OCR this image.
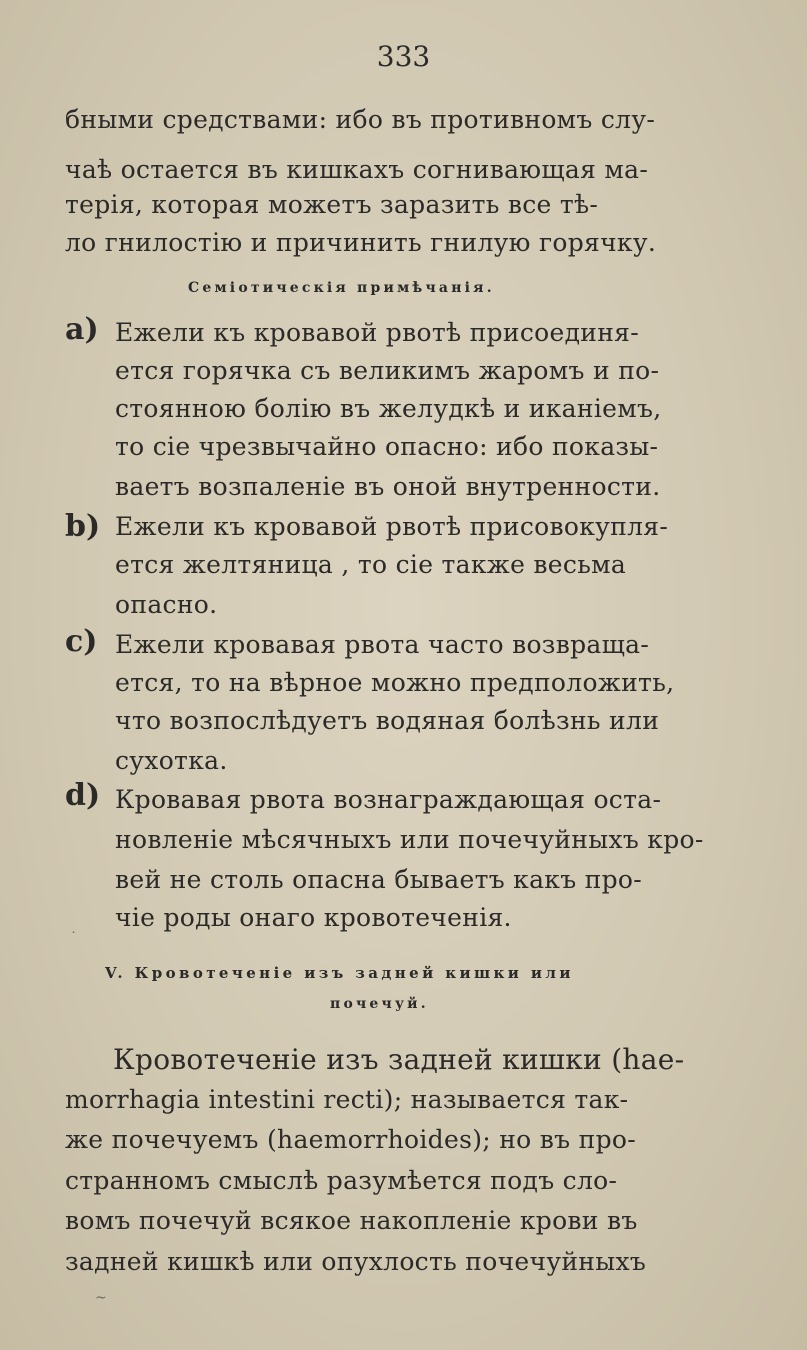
333
бными средствами: ибо въ противномъ слу-
чаѣ остается въ кишкахъ согнивающая ма-
терія, которая можетъ заразить все тѣ-
ло гнилостію и причинить гнилую горячку.
Семіотическія примѣчанія.
a) Ежели къ кровавой рвотѣ присоединя-
ется горячка съ великимъ жаромъ и по-
стоянною болію въ желудкѣ и иканіемъ,
то сіе чрезвычайно опасно: ибо показы-
ваетъ возпаленіе въ оной внутренности.
b) Ежели къ кровавой рвотѣ присовокупля-
ется желтяница , то сіе также весьма
опасно.
c) Ежели кровавая рвота часто возвраща-
ется, то на вѣрное можно предположить,
что возпослѣдуетъ водяная болѣзнь или
сухотка.
d) Кровавая рвота вознаграждающая оста-
новленіе мѣсячныхъ или почечуйныхъ кро-
вей не столь опасна бываетъ какъ про-
чіе роды онаго кровотеченія.
˙
V. Кровотеченіе изъ задней кишки или
почечуй.
Кровотеченіе изъ задней кишки (haе-
morrhagia intestini recti); называется так-
же почечуемъ (haemorrhoides); но въ про-
странномъ смыслѣ разумѣется подъ сло-
вомъ почечуй всякое накопленіе крови въ
задней кишкѣ или опухлость почечуйныхъ
~
